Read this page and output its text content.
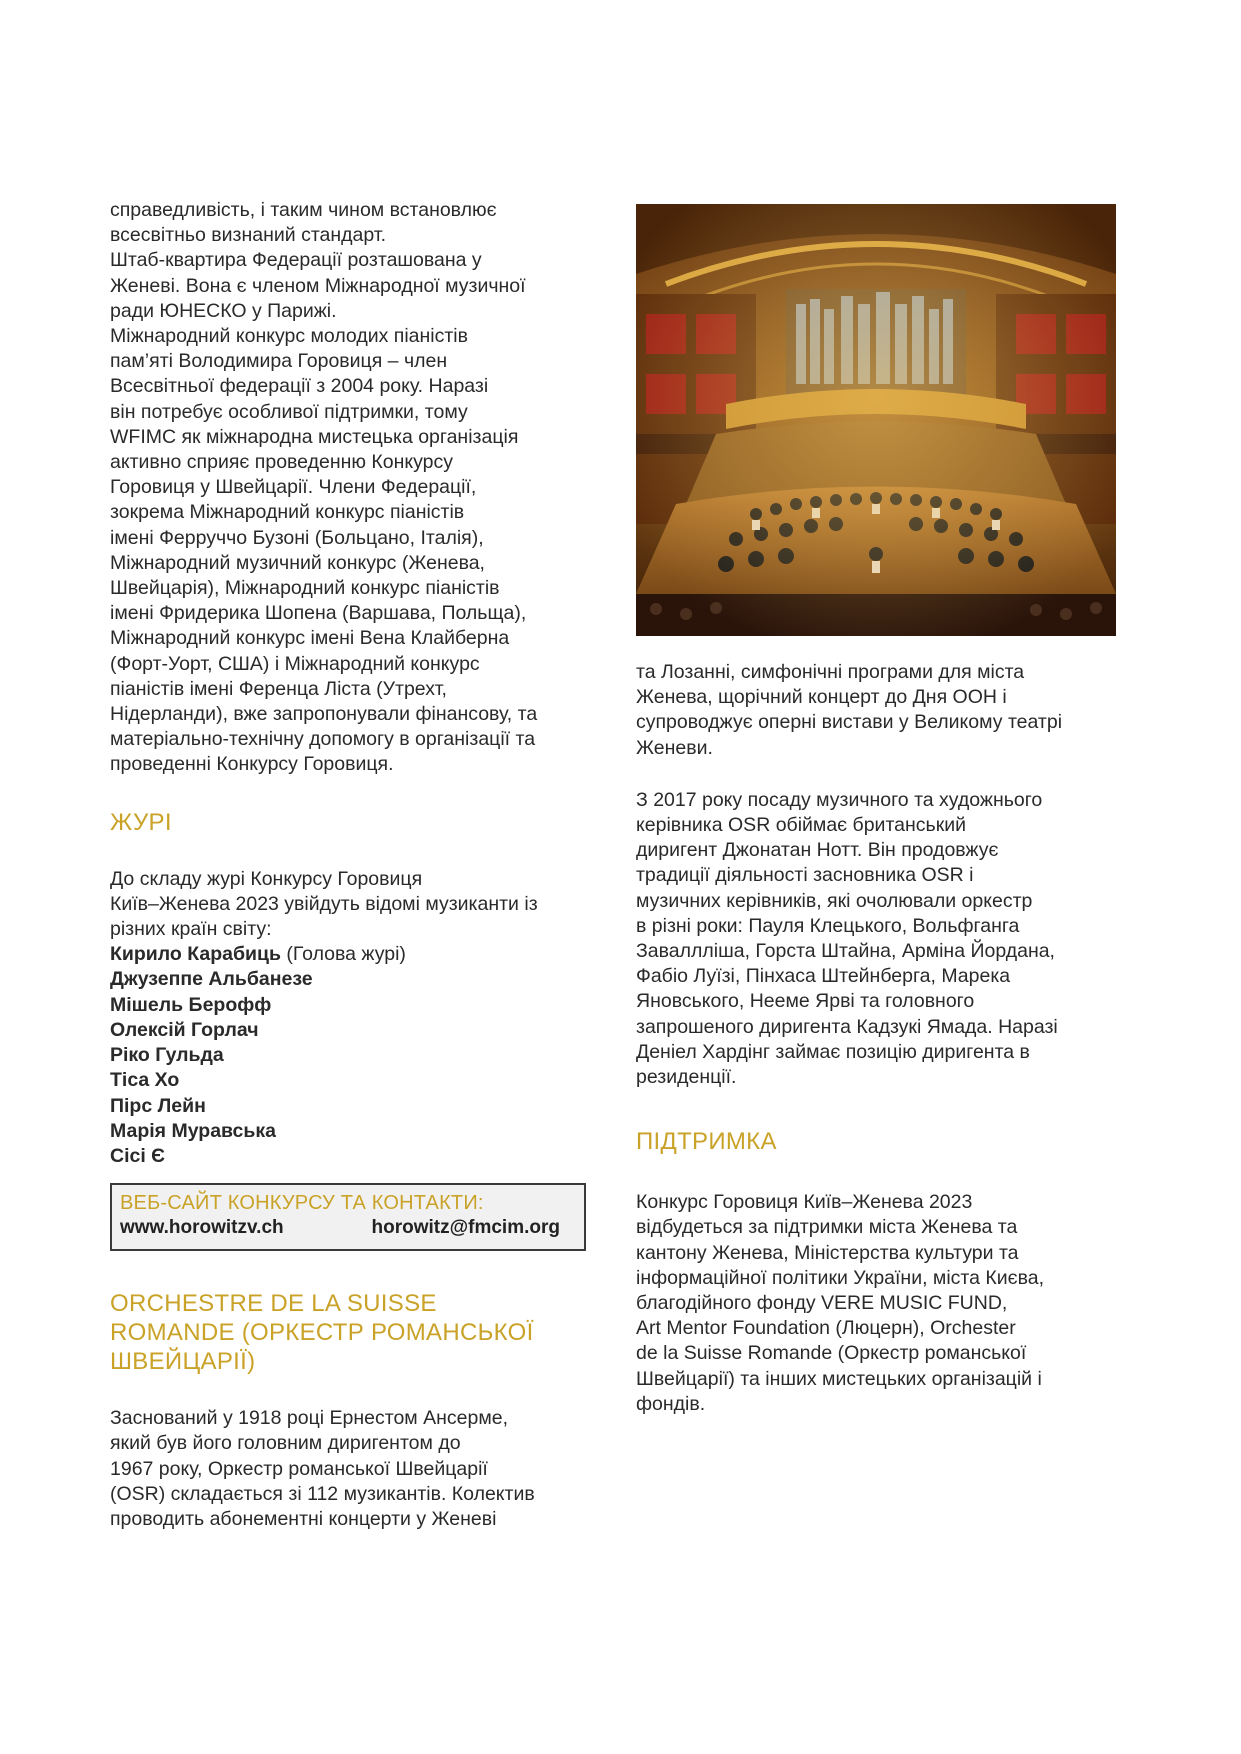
справедливість, і таким чином встановлює
всесвітньо визнаний стандарт.
Штаб-квартира Федерації розташована у
Женеві. Вона є членом Міжнародної музичної
ради ЮНЕСКО у Парижі.
Міжнародний конкурс молодих піаністів
пам’яті Володимира Горовиця – член
Всесвітньої федерації з 2004 року. Наразі
він потребує особливої підтримки, тому
WFIMC як міжнародна мистецька організація
активно сприяє проведенню Конкурсу
Горовиця у Швейцарії. Члени Федерації,
зокрема Міжнародний конкурс піаністів
імені Ферруччо Бузоні (Больцано, Італія),
Міжнародний музичний конкурс (Женева,
Швейцарія), Міжнародний конкурс піаністів
імені Фридерика Шопена (Варшава, Польща),
Міжнародний конкурс імені Вена Клайберна
(Форт-Уорт, США) і Міжнародний конкурс
піаністів імені Ференца Ліста (Утрехт,
Нідерланди), вже запропонували фінансову, та
матеріально-технічну допомогу в організації та
проведенні Конкурсу Горовиця.

ЖУРІ

До складу журі Конкурсу Горовиця
Київ–Женева 2023 увійдуть відомі музиканти із
різних країн світу:

Кирило Карабиць (Голова журі)
Джузеппе Альбанезе
Мішель Берофф
Олексій Горлач
Ріко Гульда
Тіса Хо
Пірс Лейн
Марія Муравська
Сісі Є
ВЕБ-САЙТ КОНКУРСУ ТА КОНТАКТИ:
www.horowitzv.ch	horowitz@fmcim.org
ORCHESTRE DE LA SUISSE
ROMANDE (ОРКЕСТР РОМАНСЬКОЇ
ШВЕЙЦАРІЇ)

Заснований у 1918 році Ернестом Ансерме,
який був його головним диригентом до
1967 року, Оркестр романської Швейцарії
(OSR) складається зі 112 музикантів. Колектив
проводить абонементні концерти у Женеві

та Лозанні, симфонічні програми для міста
Женева, щорічний концерт до Дня ООН і
супроводжує оперні вистави у Великому театрі
Женеви.

З 2017 року посаду музичного та художнього
керівника OSR обіймає британський
диригент Джонатан Нотт. Він продовжує
традиції діяльності засновника OSR і
музичних керівників, які очолювали оркестр
в різні роки: Пауля Клецького, Вольфганга
Заваллліша, Горста Штайна, Арміна Йордана,
Фабіо Луїзі, Пінхаса Штейнберга, Марека
Яновського, Нееме Ярві та головного
запрошеного диригента Кадзукі Ямада. Наразі
Деніел Хардінг займає позицію диригента в
резиденції.

ПІДТРИМКА

Конкурс Горовиця Київ–Женева 2023
відбудеться за підтримки міста Женева та
кантону Женева, Міністерства культури та
інформаційної політики України, міста Києва,
благодійного фонду VERE MUSIC FUND,
Art Mentor Foundation (Люцерн), Orchester
de la Suisse Romande (Оркестр романської
Швейцарії) та інших мистецьких організацій і
фондів.
